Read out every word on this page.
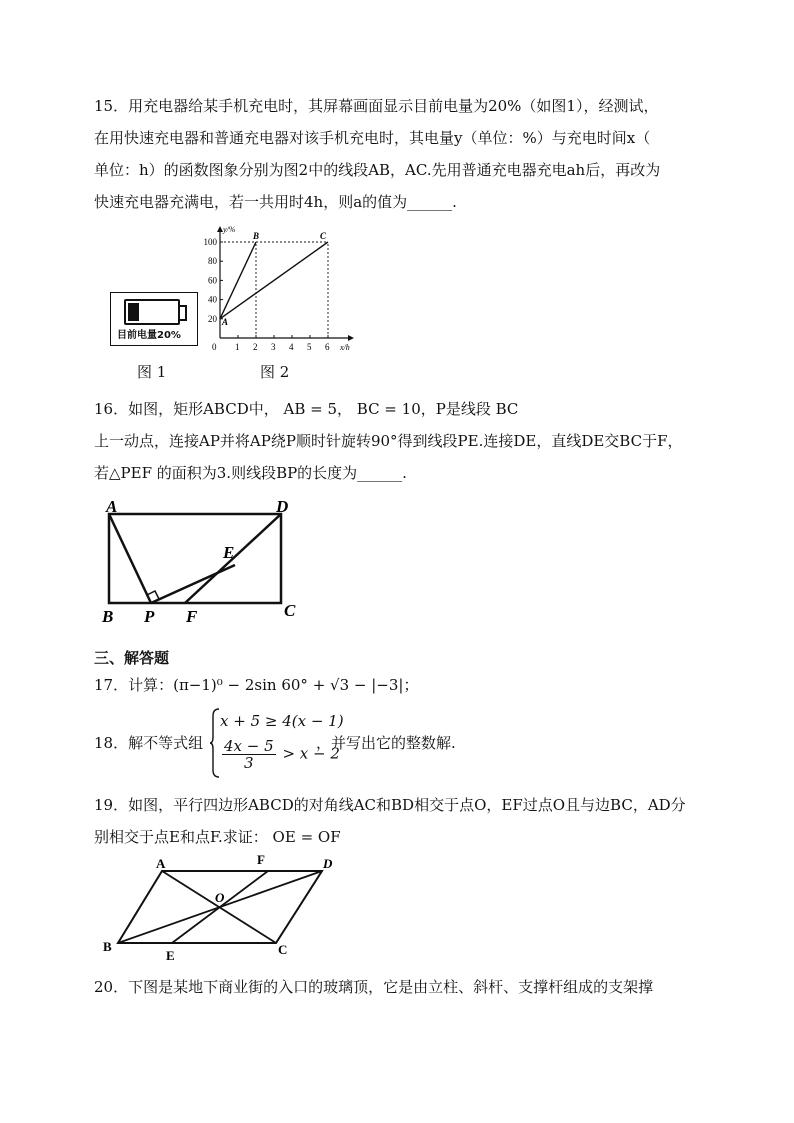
15．用充电器给某手机充电时，其屏幕画面显示目前电量为20%（如图1），经测试，
在用快速充电器和普通充电器对该手机充电时，其电量y（单位：%）与充电时间x（
单位：h）的函数图象分别为图2中的线段AB，AC.先用普通充电器充电ah后，再改为
快速充电器充满电，若一共用时4h，则a的值为______.
目前电量20%
0 1 2 3 4 5 6
20
40
60
80
100
y/%
x/h
A
B	C
图 1	图 2
16．如图，矩形ABCD中， AB = 5， BC = 10，P是线段 BC
上一动点，连接AP并将AP绕P顺时针旋转90°得到线段PE.连接DE，直线DE交BC于F，
若△PEF 的面积为3.则线段BP的长度为______.
A	D
B	C
E
P F
三、解答题
17．计算：(π−1)⁰ − 2sin 60° + √3 − |−3|；
18．解不等式组
x + 5 ≥ 4(x − 1)
$\frac{4x - 5}{3} > x - 2$
，并写出它的整数解.
19．如图，平行四边形ABCD的对角线AC和BD相交于点O，EF过点O且与边BC，AD分
别相交于点E和点F.求证： OE = OF
A	F	D
O
B
E	C
20．下图是某地下商业街的入口的玻璃顶，它是由立柱、斜杆、支撑杆组成的支架撑
